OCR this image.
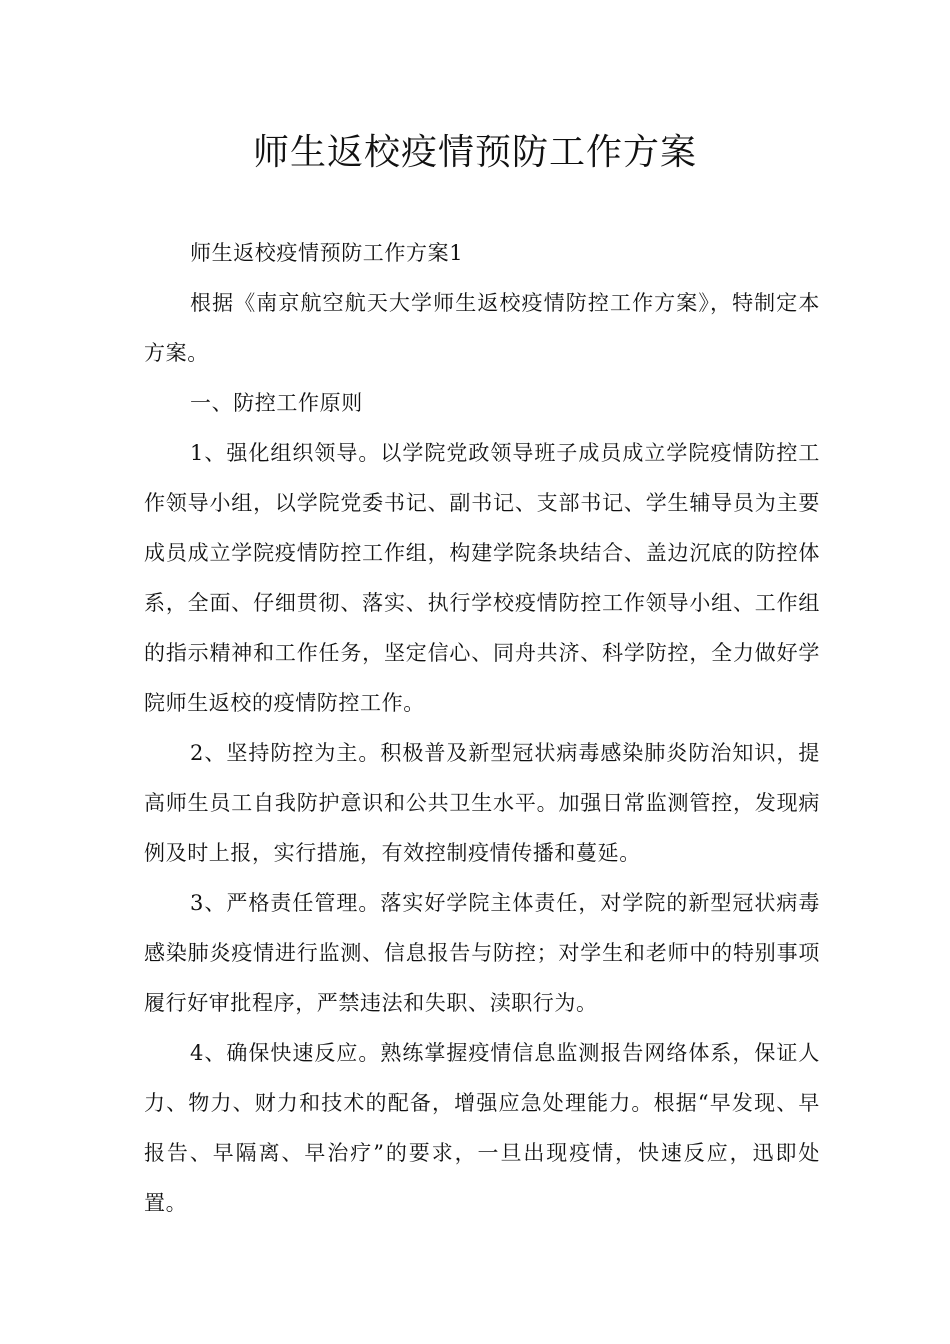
师生返校疫情预防工作方案

师生返校疫情预防工作方案1

根据《南京航空航天大学师生返校疫情防控工作方案》，特制定本方案。

一、防控工作原则

1、强化组织领导。以学院党政领导班子成员成立学院疫情防控工作领导小组，以学院党委书记、副书记、支部书记、学生辅导员为主要成员成立学院疫情防控工作组，构建学院条块结合、盖边沉底的防控体系，全面、仔细贯彻、落实、执行学校疫情防控工作领导小组、工作组的指示精神和工作任务，坚定信心、同舟共济、科学防控，全力做好学院师生返校的疫情防控工作。

2、坚持防控为主。积极普及新型冠状病毒感染肺炎防治知识，提高师生员工自我防护意识和公共卫生水平。加强日常监测管控，发现病例及时上报，实行措施，有效控制疫情传播和蔓延。

3、严格责任管理。落实好学院主体责任，对学院的新型冠状病毒感染肺炎疫情进行监测、信息报告与防控；对学生和老师中的特别事项履行好审批程序，严禁违法和失职、渎职行为。

4、确保快速反应。熟练掌握疫情信息监测报告网络体系，保证人力、物力、财力和技术的配备，增强应急处理能力。根据“早发现、早报告、早隔离、早治疗”的要求，一旦出现疫情，快速反应，迅即处置。
